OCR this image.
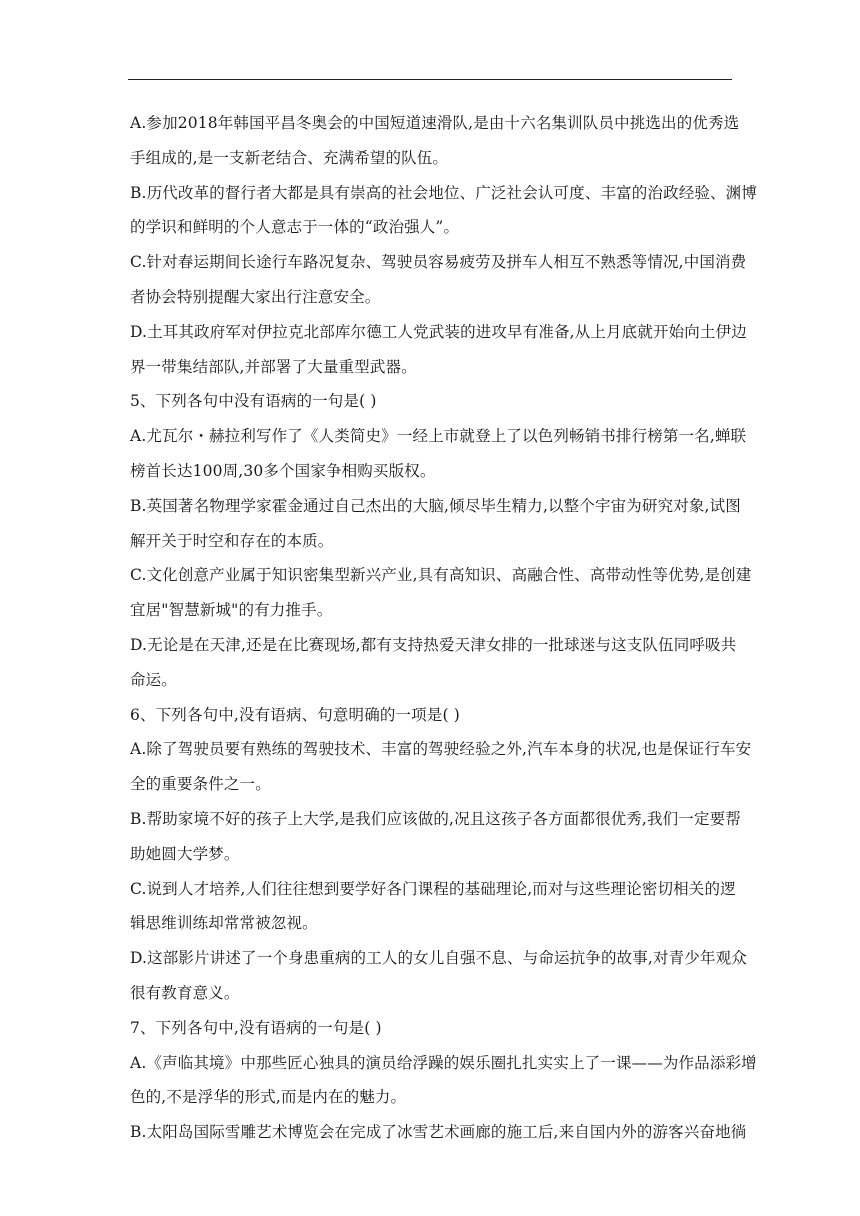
A.参加2018年韩国平昌冬奥会的中国短道速滑队,是由十六名集训队员中挑选出的优秀选
手组成的,是一支新老结合、充满希望的队伍。
B.历代改革的督行者大都是具有崇高的社会地位、广泛社会认可度、丰富的治政经验、渊博
的学识和鲜明的个人意志于一体的“政治强人”。
C.针对春运期间长途行车路况复杂、驾驶员容易疲劳及拼车人相互不熟悉等情况,中国消费
者协会特别提醒大家出行注意安全。
D.土耳其政府军对伊拉克北部库尔德工人党武装的进攻早有准备,从上月底就开始向土伊边
界一带集结部队,并部署了大量重型武器。
5、下列各句中没有语病的一句是( )
A.尤瓦尔・赫拉利写作了《人类简史》一经上市就登上了以色列畅销书排行榜第一名,蝉联
榜首长达100周,30多个国家争相购买版权。
B.英国著名物理学家霍金通过自己杰出的大脑,倾尽毕生精力,以整个宇宙为研究对象,试图
解开关于时空和存在的本质。
C.文化创意产业属于知识密集型新兴产业,具有高知识、高融合性、高带动性等优势,是创建
宜居"智慧新城"的有力推手。
D.无论是在天津,还是在比赛现场,都有支持热爱天津女排的一批球迷与这支队伍同呼吸共
命运。
6、下列各句中,没有语病、句意明确的一项是( )
A.除了驾驶员要有熟练的驾驶技术、丰富的驾驶经验之外,汽车本身的状况,也是保证行车安
全的重要条件之一。
B.帮助家境不好的孩子上大学,是我们应该做的,况且这孩子各方面都很优秀,我们一定要帮
助她圆大学梦。
C.说到人才培养,人们往往想到要学好各门课程的基础理论,而对与这些理论密切相关的逻
辑思维训练却常常被忽视。
D.这部影片讲述了一个身患重病的工人的女儿自强不息、与命运抗争的故事,对青少年观众
很有教育意义。
7、下列各句中,没有语病的一句是( )
A.《声临其境》中那些匠心独具的演员给浮躁的娱乐圈扎扎实实上了一课——为作品添彩增
色的,不是浮华的形式,而是内在的魅力。
B.太阳岛国际雪雕艺术博览会在完成了冰雪艺术画廊的施工后,来自国内外的游客兴奋地徜
